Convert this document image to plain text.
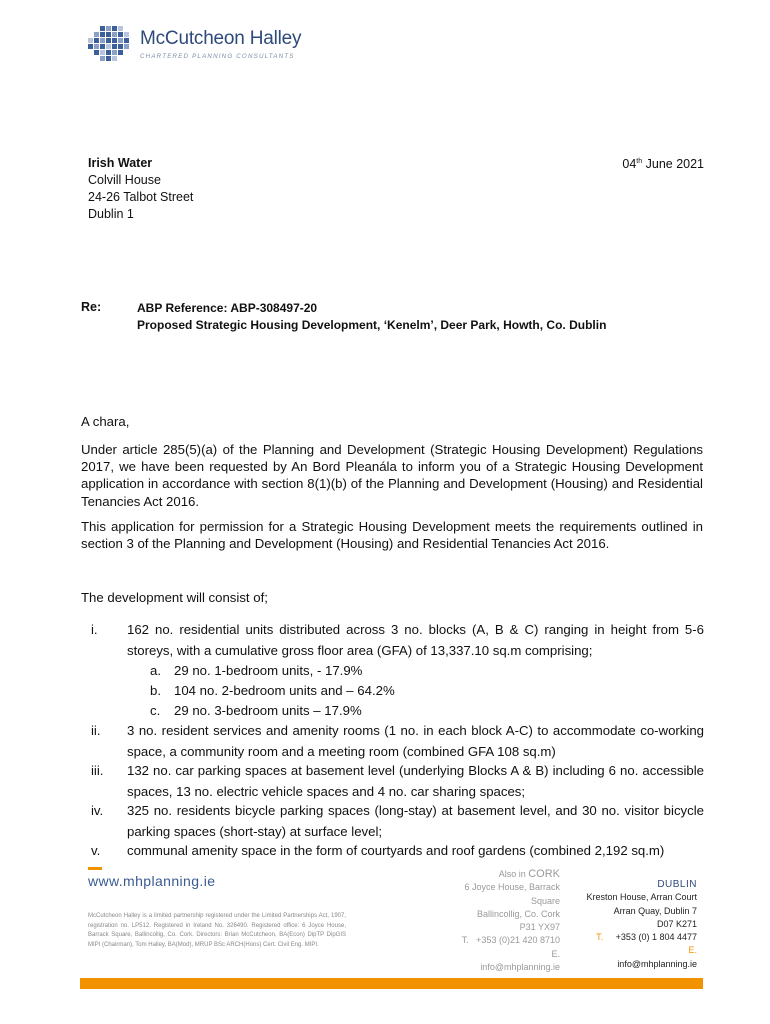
McCutcheon Halley
CHARTERED PLANNING CONSULTANTS
Irish Water
Colvill House
24-26 Talbot Street
Dublin 1
04th June 2021
Re:	ABP Reference: ABP-308497-20
Proposed Strategic Housing Development, ‘Kenelm’, Deer Park, Howth, Co. Dublin
A chara,
Under article 285(5)(a) of the Planning and Development (Strategic Housing Development) Regulations 2017, we have been requested by An Bord Pleanála to inform you of a Strategic Housing Development application in accordance with section 8(1)(b) of the Planning and Development (Housing) and Residential Tenancies Act 2016.
This application for permission for a Strategic Housing Development meets the requirements outlined in section 3 of the Planning and Development (Housing) and Residential Tenancies Act 2016.
The development will consist of;
i. 162 no. residential units distributed across 3 no. blocks (A, B & C) ranging in height from 5-6 storeys, with a cumulative gross floor area (GFA) of 13,337.10 sq.m comprising;
a. 29 no. 1-bedroom units, - 17.9%
b. 104 no. 2-bedroom units and – 64.2%
c. 29 no. 3-bedroom units – 17.9%
ii. 3 no. resident services and amenity rooms (1 no. in each block A-C) to accommodate co-working space, a community room and a meeting room (combined GFA 108 sq.m)
iii. 132 no. car parking spaces at basement level (underlying Blocks A & B) including 6 no. accessible spaces, 13 no. electric vehicle spaces and 4 no. car sharing spaces;
iv. 325 no. residents bicycle parking spaces (long-stay) at basement level, and 30 no. visitor bicycle parking spaces (short-stay) at surface level;
v. communal amenity space in the form of courtyards and roof gardens (combined 2,192 sq.m)
www.mhplanning.ie
McCutcheon Halley is a limited partnership registered under the Limited Partnerships Act, 1907, registration no. LP512. Registered in Ireland No. 326490. Registered office: 6 Joyce House, Barrack Square, Ballincollig, Co. Cork. Directors: Brian McCutcheon, BA(Econ) DipTP DipGIS MIPI (Chairman), Tom Halley, BA(Mod), MRUP BSc ARCH(Hons) Cert. Civil Eng. MIPI.
Also in CORK
6 Joyce House, Barrack
Square
Ballincollig, Co. Cork
P31 YX97
T. +353 (0)21 420 8710
E.
info@mhplanning.ie
DUBLIN
Kreston House, Arran Court
Arran Quay, Dublin 7
D07 K271
T. +353 (0) 1 804 4477
E.
info@mhplanning.ie
